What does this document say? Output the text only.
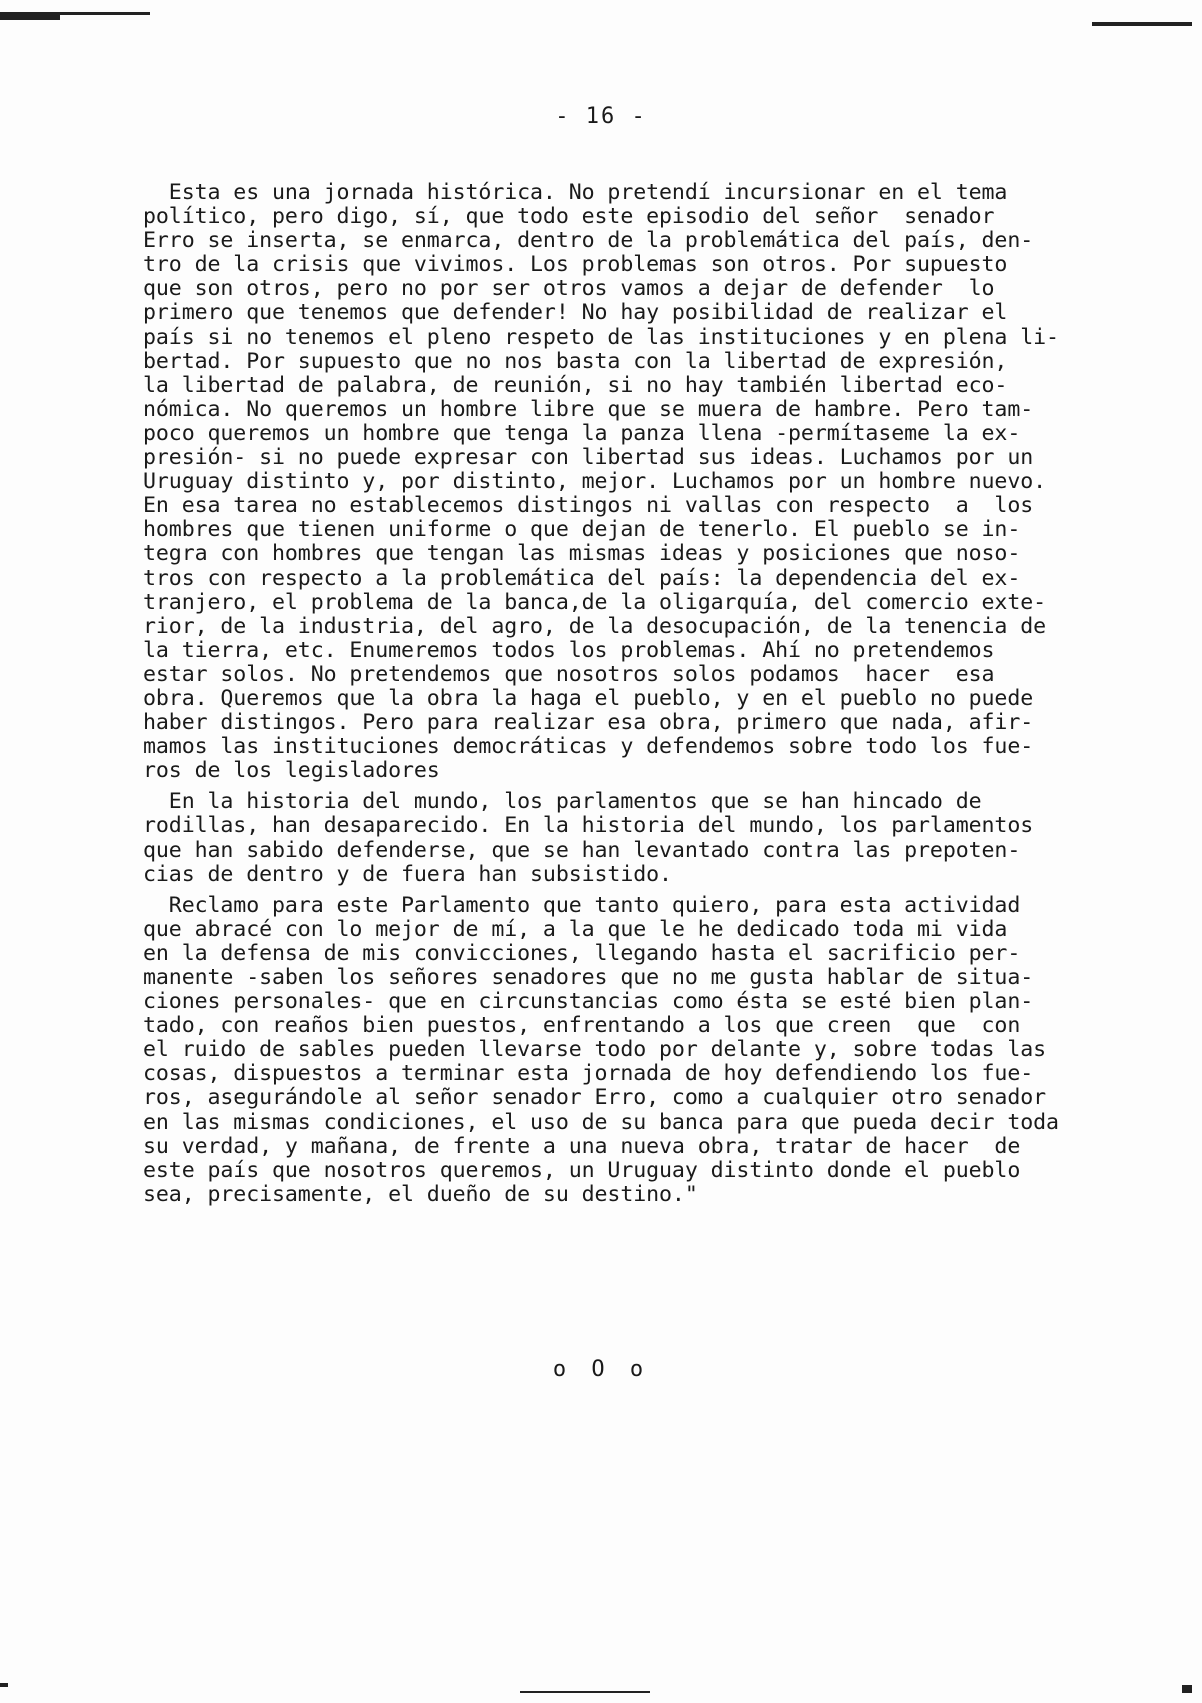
- 16 -
Esta es una jornada histórica. No pretendí incursionar en el tema
político, pero digo, sí, que todo este episodio del señor  senador
Erro se inserta, se enmarca, dentro de la problemática del país, den-
tro de la crisis que vivimos. Los problemas son otros. Por supuesto
que son otros, pero no por ser otros vamos a dejar de defender  lo
primero que tenemos que defender! No hay posibilidad de realizar el
país si no tenemos el pleno respeto de las instituciones y en plena li-
bertad. Por supuesto que no nos basta con la libertad de expresión,
la libertad de palabra, de reunión, si no hay también libertad eco-
nómica. No queremos un hombre libre que se muera de hambre. Pero tam-
poco queremos un hombre que tenga la panza llena -permítaseme la ex-
presión- si no puede expresar con libertad sus ideas. Luchamos por un
Uruguay distinto y, por distinto, mejor. Luchamos por un hombre nuevo.
En esa tarea no establecemos distingos ni vallas con respecto  a  los
hombres que tienen uniforme o que dejan de tenerlo. El pueblo se in-
tegra con hombres que tengan las mismas ideas y posiciones que noso-
tros con respecto a la problemática del país: la dependencia del ex-
tranjero, el problema de la banca,de la oligarquía, del comercio exte-
rior, de la industria, del agro, de la desocupación, de la tenencia de
la tierra, etc. Enumeremos todos los problemas. Ahí no pretendemos
estar solos. No pretendemos que nosotros solos podamos  hacer  esa
obra. Queremos que la obra la haga el pueblo, y en el pueblo no puede
haber distingos. Pero para realizar esa obra, primero que nada, afir-
mamos las instituciones democráticas y defendemos sobre todo los fue-
ros de los legisladores
En la historia del mundo, los parlamentos que se han hincado de
rodillas, han desaparecido. En la historia del mundo, los parlamentos
que han sabido defenderse, que se han levantado contra las prepoten-
cias de dentro y de fuera han subsistido.
Reclamo para este Parlamento que tanto quiero, para esta actividad
que abracé con lo mejor de mí, a la que le he dedicado toda mi vida
en la defensa de mis convicciones, llegando hasta el sacrificio per-
manente -saben los señores senadores que no me gusta hablar de situa-
ciones personales- que en circunstancias como ésta se esté bien plan-
tado, con reaños bien puestos, enfrentando a los que creen  que  con
el ruido de sables pueden llevarse todo por delante y, sobre todas las
cosas, dispuestos a terminar esta jornada de hoy defendiendo los fue-
ros, asegurándole al señor senador Erro, como a cualquier otro senador
en las mismas condiciones, el uso de su banca para que pueda decir toda
su verdad, y mañana, de frente a una nueva obra, tratar de hacer  de
este país que nosotros queremos, un Uruguay distinto donde el pueblo
sea, precisamente, el dueño de su destino."
o O o
